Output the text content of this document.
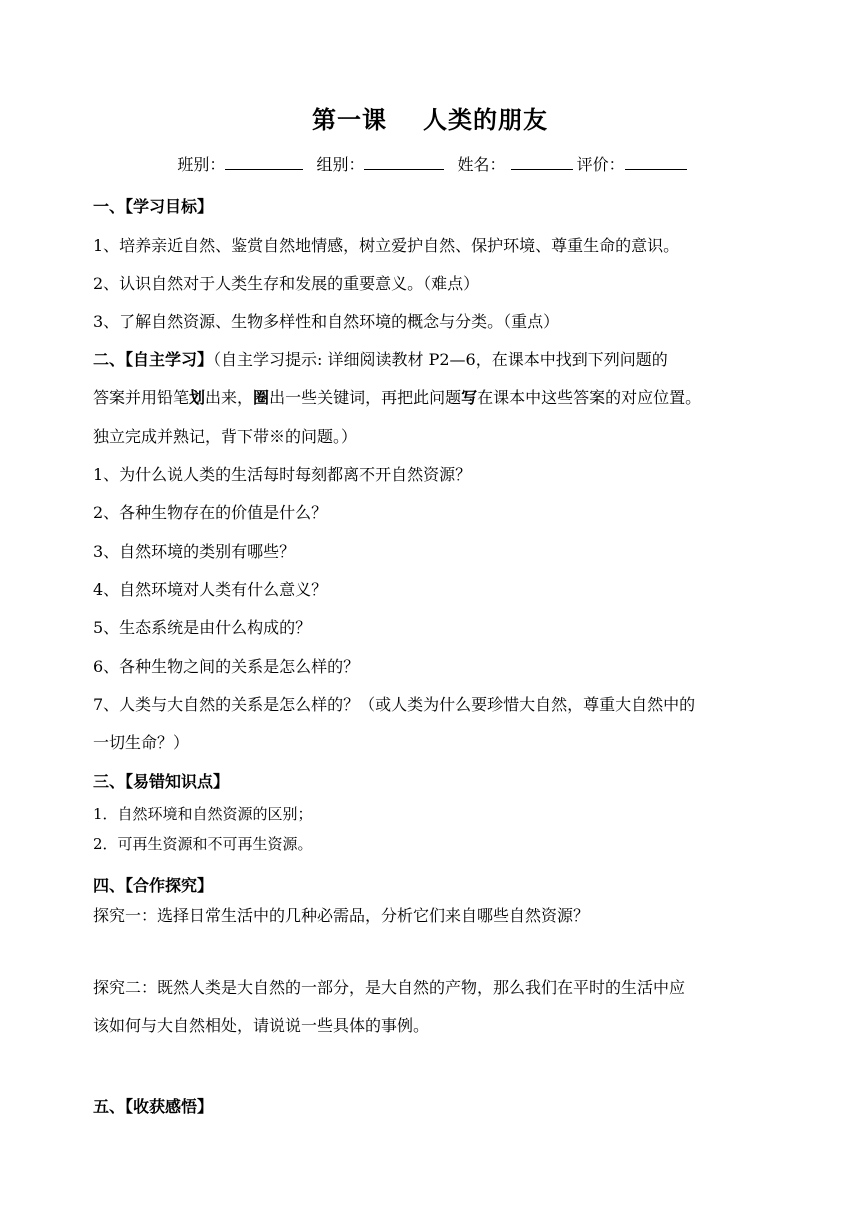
第一课 人类的朋友
班别：	组别：	姓名：	评价：
一、【学习目标】
1、培养亲近自然、鉴赏自然地情感，树立爱护自然、保护环境、尊重生命的意识。
2、认识自然对于人类生存和发展的重要意义。（难点）
3、了解自然资源、生物多样性和自然环境的概念与分类。（重点）
二、【自主学习】（自主学习提示: 详细阅读教材 P2—6，在课本中找到下列问题的
答案并用铅笔划出来，圈出一些关键词，再把此问题写在课本中这些答案的对应位置。
独立完成并熟记，背下带※的问题。）
1、为什么说人类的生活每时每刻都离不开自然资源？
2、各种生物存在的价值是什么？
3、自然环境的类别有哪些？
4、自然环境对人类有什么意义？
5、生态系统是由什么构成的？
6、各种生物之间的关系是怎么样的？
7、人类与大自然的关系是怎么样的？（或人类为什么要珍惜大自然，尊重大自然中的
一切生命？）
三、【易错知识点】
1．自然环境和自然资源的区别；
2．可再生资源和不可再生资源。
四、【合作探究】
探究一：选择日常生活中的几种必需品，分析它们来自哪些自然资源？
探究二：既然人类是大自然的一部分，是大自然的产物，那么我们在平时的生活中应
该如何与大自然相处，请说说一些具体的事例。
五、【收获感悟】
